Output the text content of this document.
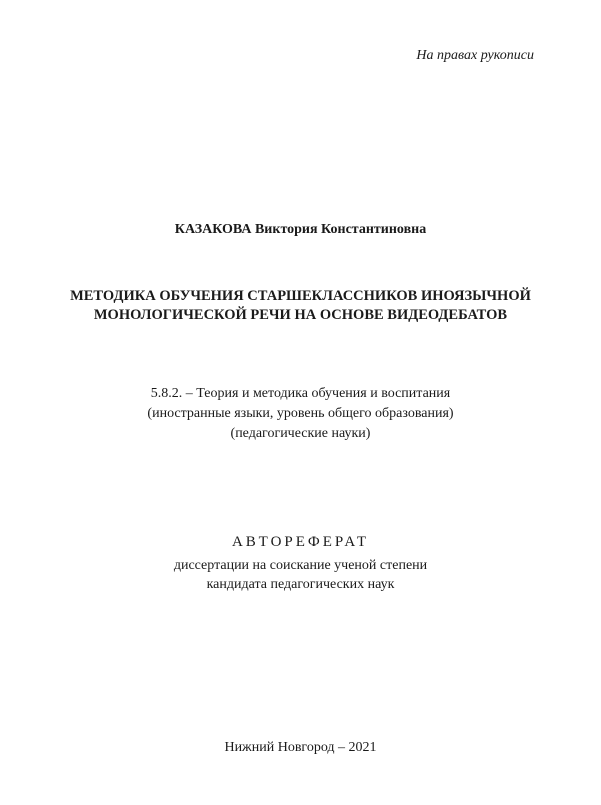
На правах рукописи
КАЗАКОВА Виктория Константиновна
МЕТОДИКА ОБУЧЕНИЯ СТАРШЕКЛАССНИКОВ ИНОЯЗЫЧНОЙ
МОНОЛОГИЧЕСКОЙ РЕЧИ НА ОСНОВЕ ВИДЕОДЕБАТОВ
5.8.2. – Теория и методика обучения и воспитания
(иностранные языки, уровень общего образования)
(педагогические науки)
АВТОРЕФЕРАТ
диссертации на соискание ученой степени
кандидата педагогических наук
Нижний Новгород – 2021
